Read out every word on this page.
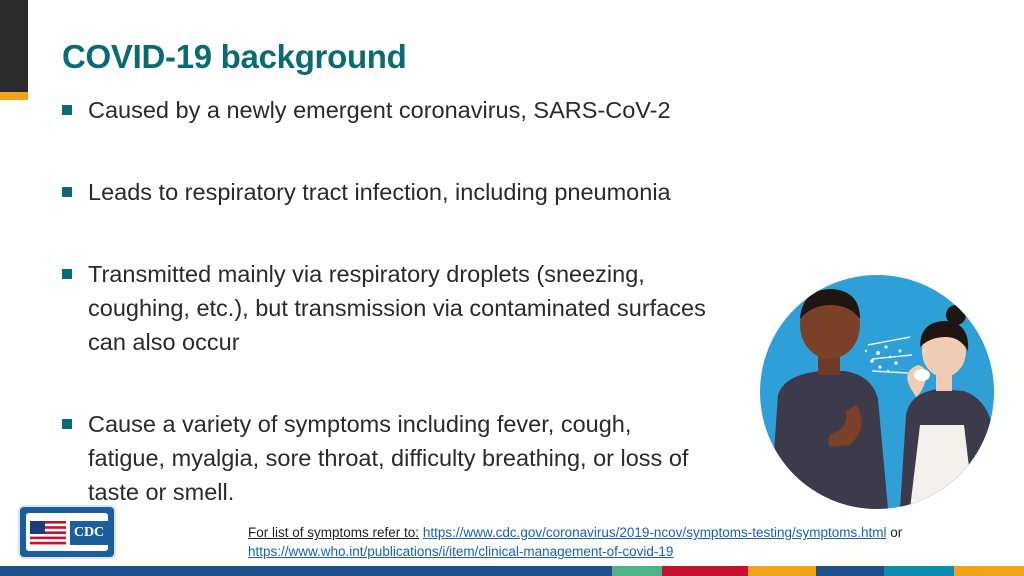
COVID-19 background
Caused by a newly emergent coronavirus, SARS-CoV-2
Leads to respiratory tract infection, including pneumonia
Transmitted mainly via respiratory droplets (sneezing,
coughing, etc.), but transmission via contaminated surfaces
can also occur
Cause a variety of symptoms including fever, cough,
fatigue, myalgia, sore throat, difficulty breathing, or loss of
taste or smell.
CDC	For list of symptoms refer to: https://www.cdc.gov/coronavirus/2019-ncov/symptoms-testing/symptoms.html or
https://www.who.int/publications/i/item/clinical-management-of-covid-19
